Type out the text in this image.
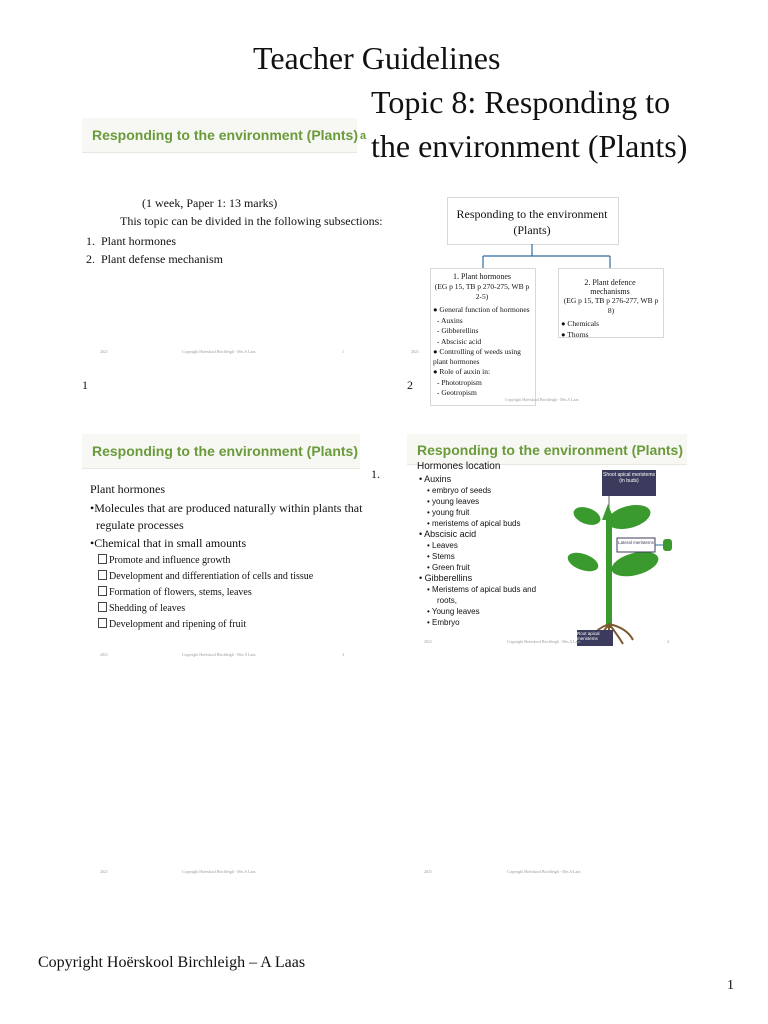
Teacher Guidelines
Topic 8: Responding to
the environment (Plants)
Responding to the environment (Plants) a
(1 week, Paper 1: 13 marks)
This topic can be divided in the following subsections:
1.  Plant hormones
2.  Plant defense mechanism
2021	Copyright Hoërskool Birchleigh - Mrs A Laas	1
1
Responding to the environment (Plants)
1. Plant hormones
(EG p 15, TB p 270-275, WB p 2-5)
● General function of hormones
- Auxins
- Gibberellins
- Abscisic acid
● Controlling of weeds using plant hormones
● Role of auxin in:
- Phototropism
- Geotropism
2. Plant defence mechanisms
(EG p 15, TB p 276-277, WB p 8)
● Chemicals
● Thorns
2021
Copyright Hoërskool Birchleigh - Mrs A Laas
2
Responding to the environment (Plants)
1.
Plant hormones
•Molecules that are produced naturally within plants that
regulate processes
•Chemical that in small amounts
Promote and influence growth
Development and differentiation of cells and tissue
Formation of flowers, stems, leaves
Shedding of leaves
Development and ripening of fruit
2021	Copyright Hoërskool Birchleigh - Mrs A Laas	3
Responding to the environment (Plants)
Hormones location
• Auxins
• embryo of seeds
• young leaves
• young fruit
• meristems of apical buds
• Abscisic acid
• Leaves
• Stems
• Green fruit
• Gibberellins
• Meristems of apical buds and
roots,
• Young leaves
• Embryo
Shoot apical meristems (in buds)
Lateral meristems
Root apical meristems
2021	Copyright Hoërskool Birchleigh - Mrs A Laas	4
2021	Copyright Hoërskool Birchleigh - Mrs A Laas	2021	Copyright Hoërskool Birchleigh - Mrs A Laas
Copyright Hoërskool Birchleigh – A Laas
1
